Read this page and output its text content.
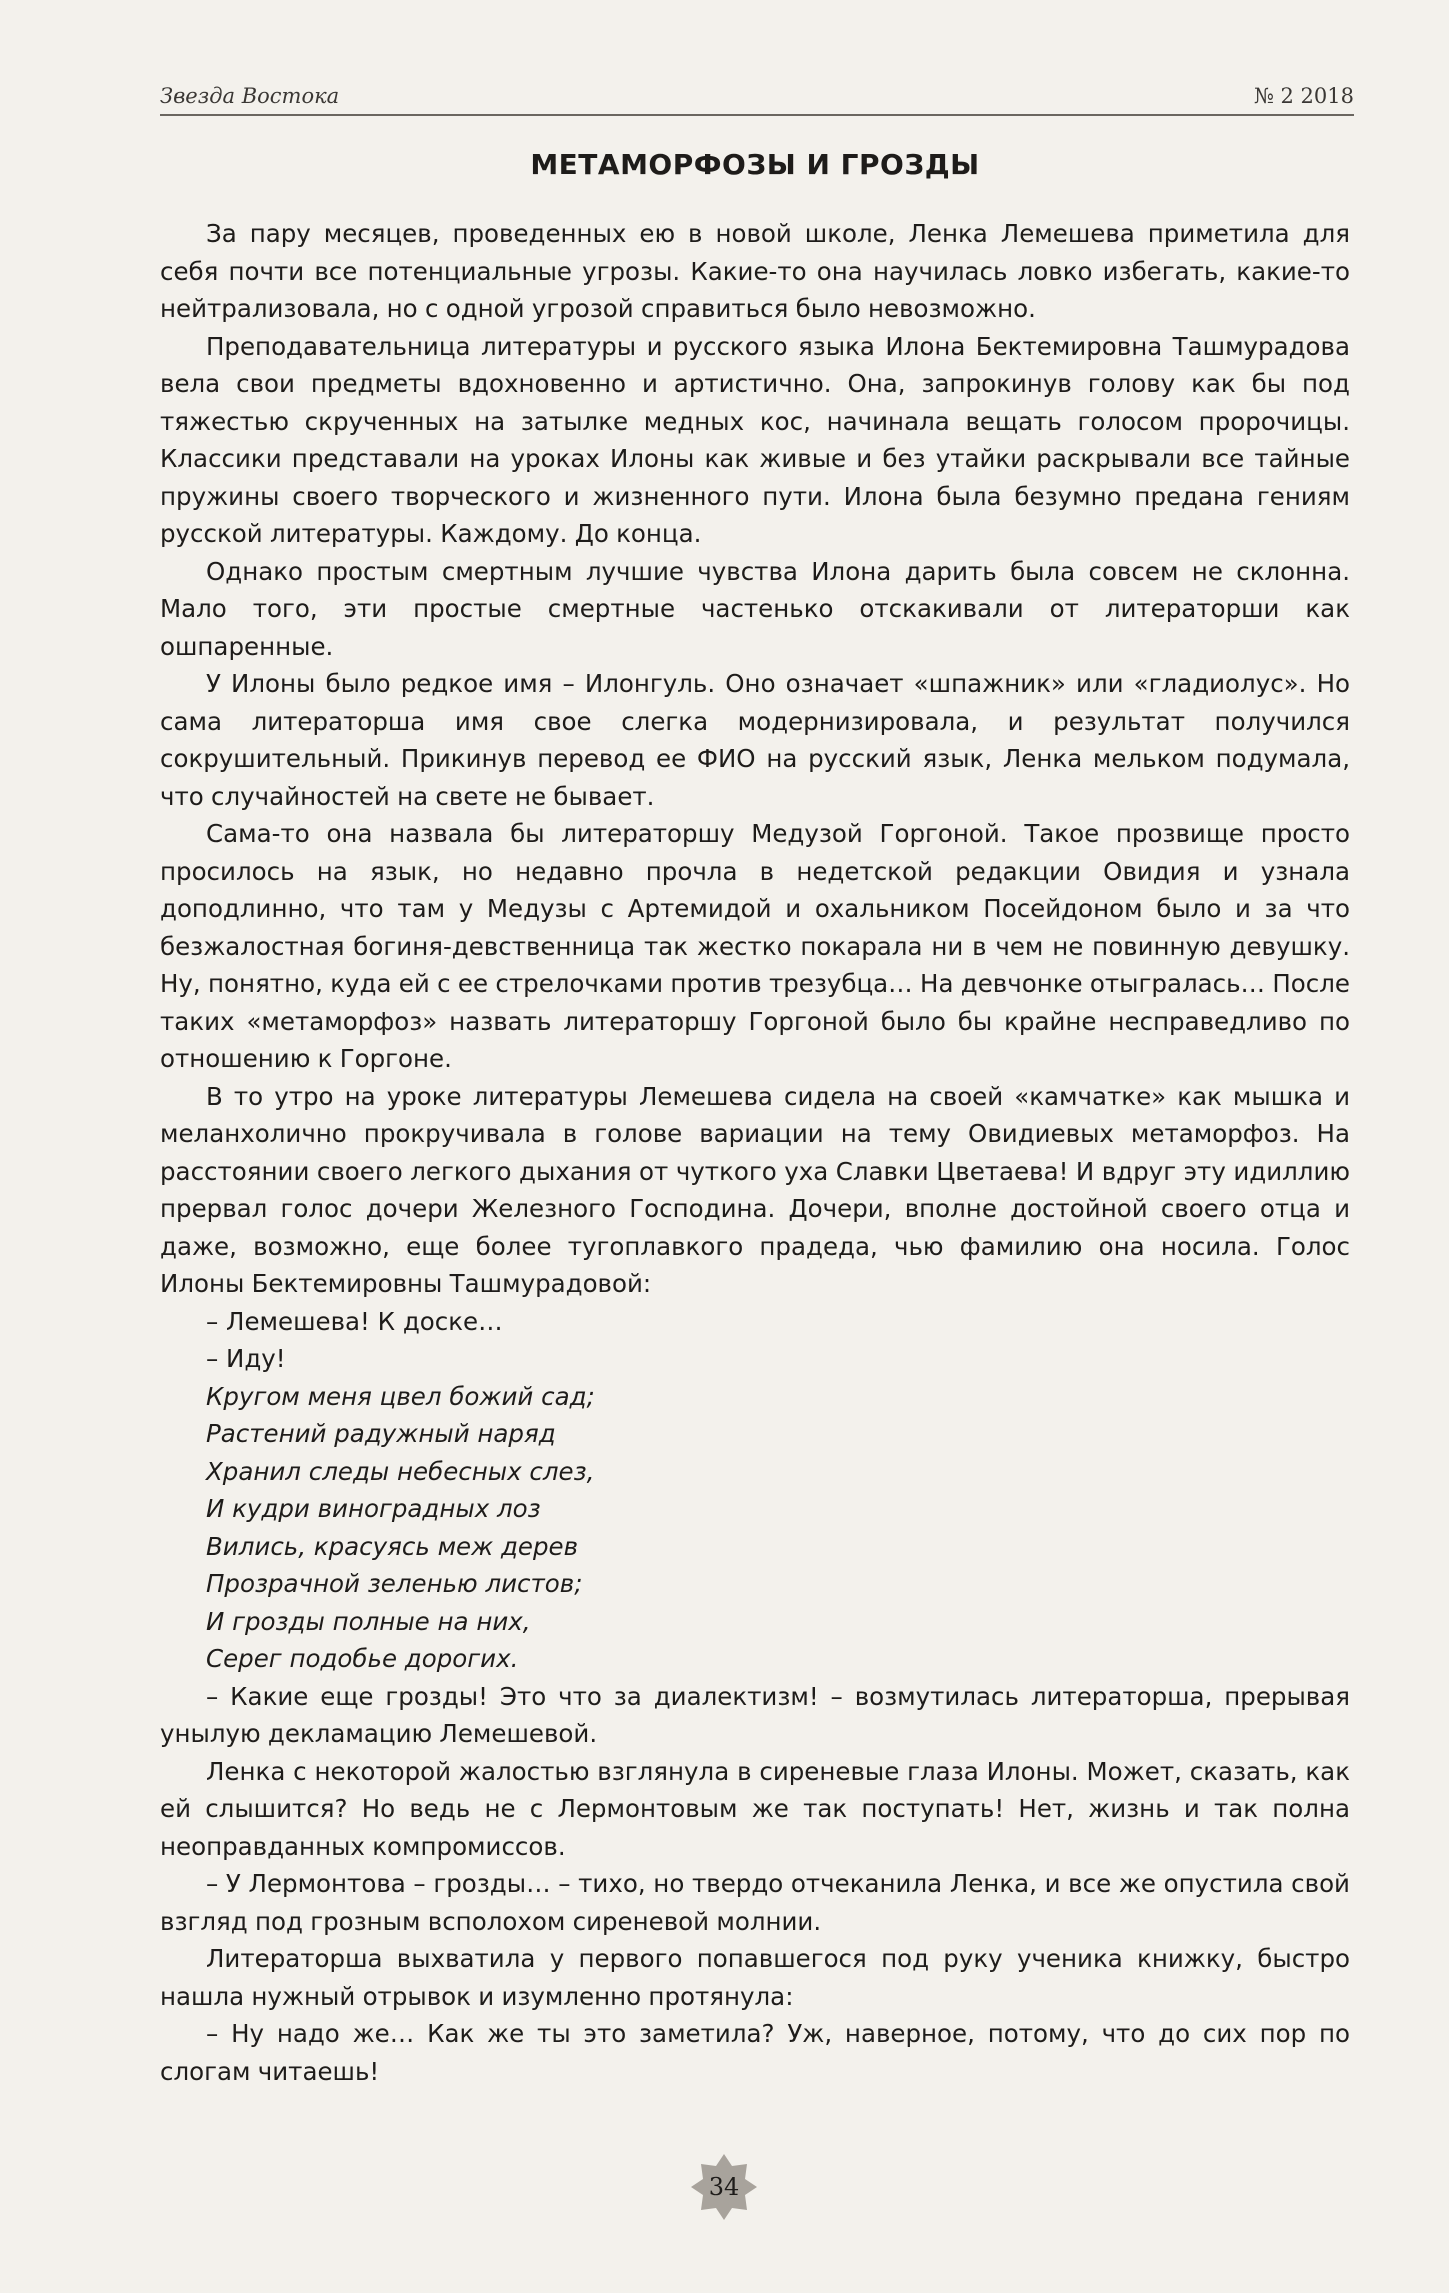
Звезда Востока	№ 2 2018
МЕТАМОРФОЗЫ И ГРОЗДЫ

За пару месяцев, проведенных ею в новой школе, Ленка Лемешева приметила для себя почти все потенциальные угрозы. Какие-то она научилась ловко избегать, какие-то нейтрализовала, но с одной угрозой справиться было невозможно.

Преподавательница литературы и русского языка Илона Бектемировна Ташмурадова вела свои предметы вдохновенно и артистично. Она, запрокинув голову как бы под тяжестью скрученных на затылке медных кос, начинала вещать голосом пророчицы. Классики представали на уроках Илоны как живые и без утайки раскрывали все тайные пружины своего творческого и жизненного пути. Илона была безумно предана гениям русской литературы. Каждому. До конца.

Однако простым смертным лучшие чувства Илона дарить была совсем не склонна. Мало того, эти простые смертные частенько отскакивали от литераторши как ошпаренные.

У Илоны было редкое имя – Илонгуль. Оно означает «шпажник» или «гладиолус». Но сама литераторша имя свое слегка модернизировала, и результат получился сокрушительный. Прикинув перевод ее ФИО на русский язык, Ленка мельком подумала, что случайностей на свете не бывает.

Сама-то она назвала бы литераторшу Медузой Горгоной. Такое прозвище просто просилось на язык, но недавно прочла в недетской редакции Овидия и узнала доподлинно, что там у Медузы с Артемидой и охальником Посейдоном было и за что безжалостная богиня-девственница так жестко покарала ни в чем не повинную девушку. Ну, понятно, куда ей с ее стрелочками против трезубца… На девчонке отыгралась… После таких «метаморфоз» назвать литераторшу Горгоной было бы крайне несправедливо по отношению к Горгоне.

В то утро на уроке литературы Лемешева сидела на своей «камчатке» как мышка и меланхолично прокручивала в голове вариации на тему Овидиевых метаморфоз. На расстоянии своего легкого дыхания от чуткого уха Славки Цветаева! И вдруг эту идиллию прервал голос дочери Железного Господина. Дочери, вполне достойной своего отца и даже, возможно, еще более тугоплавкого прадеда, чью фамилию она носила. Голос Илоны Бектемировны Ташмурадовой:

– Лемешева! К доске…

– Иду!

Кругом меня цвел божий сад;
Растений радужный наряд
Хранил следы небесных слез,
И кудри виноградных лоз
Вились, красуясь меж дерев
Прозрачной зеленью листов;
И грозды полные на них,
Серег подобье дорогих.

– Какие еще грозды! Это что за диалектизм! – возмутилась литераторша, прерывая унылую декламацию Лемешевой.

Ленка с некоторой жалостью взглянула в сиреневые глаза Илоны. Может, сказать, как ей слышится? Но ведь не с Лермонтовым же так поступать! Нет, жизнь и так полна неоправданных компромиссов.

– У Лермонтова – грозды… – тихо, но твердо отчеканила Ленка, и все же опустила свой взгляд под грозным всполохом сиреневой молнии.

Литераторша выхватила у первого попавшегося под руку ученика книжку, быстро нашла нужный отрывок и изумленно протянула:

– Ну надо же… Как же ты это заметила? Уж, наверное, потому, что до сих пор по слогам читаешь!

34
